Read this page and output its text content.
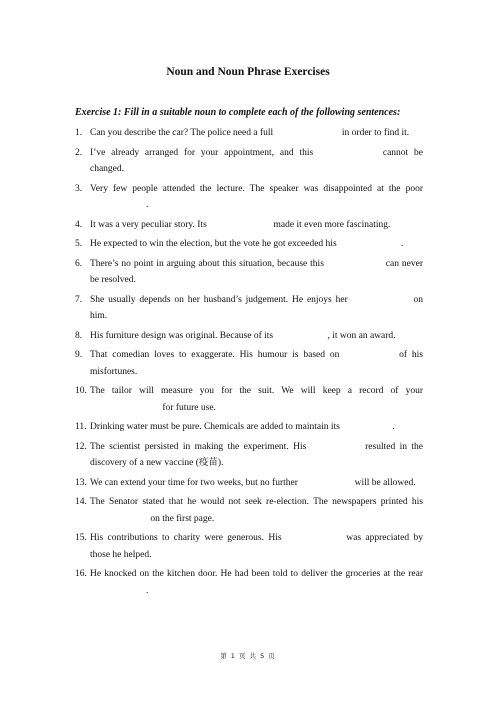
Noun and Noun Phrase Exercises
Exercise 1: Fill in a suitable noun to complete each of the following sentences:
1. Can you describe the car? The police need a full	in order to find it.
2. I’ve already arranged for your appointment, and this	cannot be changed.
3. Very few people attended the lecture. The speaker was disappointed at the poor .
4. It was a very peculiar story. Its	made it even more fascinating.
5. He expected to win the election, but the vote he got exceeded his	.
6. There’s no point in arguing about this situation, because this	can never be resolved.
7. She usually depends on her husband’s judgement. He enjoys her	on him.
8. His furniture design was original. Because of its	, it won an award.
9. That comedian loves to exaggerate. His humour is based on	of his misfortunes.
10. The tailor will measure you for the suit. We will keep a record of your  for future use.
11. Drinking water must be pure. Chemicals are added to maintain its	.
12. The scientist persisted in making the experiment. His	resulted in the discovery of a new vaccine (疫苗).
13. We can extend your time for two weeks, but no further	will be allowed.
14. The Senator stated that he would not seek re-election. The newspapers printed his  on the first page.
15. His contributions to charity were generous. His	was appreciated by those he helped.
16. He knocked on the kitchen door. He had been told to deliver the groceries at the rear .
第 1 页 共 5 页
